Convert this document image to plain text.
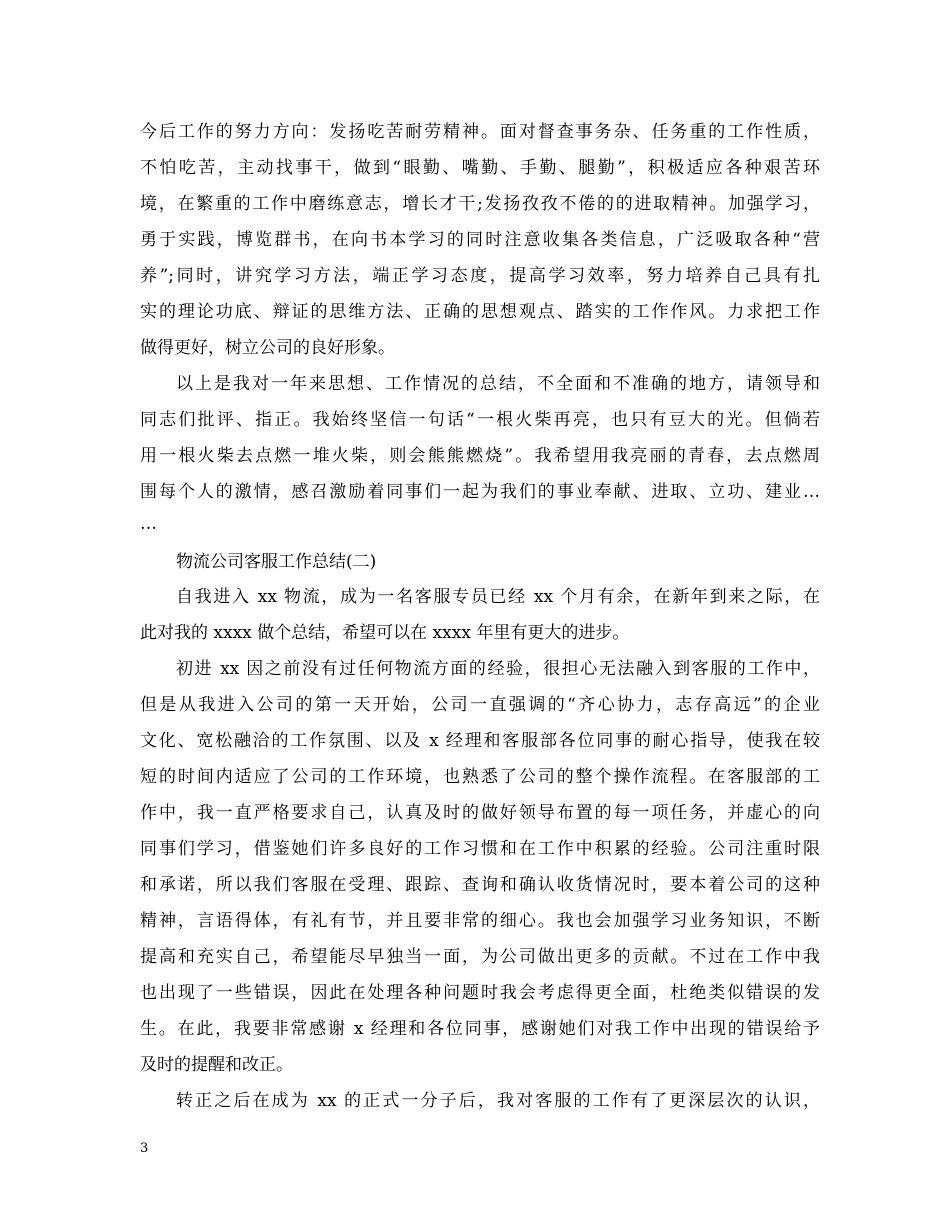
今后工作的努力方向：发扬吃苦耐劳精神。面对督查事务杂、任务重的工作性质，
不怕吃苦，主动找事干，做到“眼勤、嘴勤、手勤、腿勤”，积极适应各种艰苦环
境，在繁重的工作中磨练意志，增长才干;发扬孜孜不倦的的进取精神。加强学习，
勇于实践，博览群书，在向书本学习的同时注意收集各类信息，广泛吸取各种“营
养”;同时，讲究学习方法，端正学习态度，提高学习效率，努力培养自己具有扎
实的理论功底、辩证的思维方法、正确的思想观点、踏实的工作作风。力求把工作
做得更好，树立公司的良好形象。
以上是我对一年来思想、工作情况的总结，不全面和不准确的地方，请领导和
同志们批评、指正。我始终坚信一句话“一根火柴再亮，也只有豆大的光。但倘若
用一根火柴去点燃一堆火柴，则会熊熊燃烧”。我希望用我亮丽的青春，去点燃周
围每个人的激情，感召激励着同事们一起为我们的事业奉献、进取、立功、建业…
…
物流公司客服工作总结(二)
自我进入 xx 物流，成为一名客服专员已经 xx 个月有余，在新年到来之际，在
此对我的 xxxx 做个总结，希望可以在 xxxx 年里有更大的进步。
初进 xx 因之前没有过任何物流方面的经验，很担心无法融入到客服的工作中，
但是从我进入公司的第一天开始，公司一直强调的“齐心协力，志存高远”的企业
文化、宽松融洽的工作氛围、以及 x 经理和客服部各位同事的耐心指导，使我在较
短的时间内适应了公司的工作环境，也熟悉了公司的整个操作流程。在客服部的工
作中，我一直严格要求自己，认真及时的做好领导布置的每一项任务，并虚心的向
同事们学习，借鉴她们许多良好的工作习惯和在工作中积累的经验。公司注重时限
和承诺，所以我们客服在受理、跟踪、查询和确认收货情况时，要本着公司的这种
精神，言语得体，有礼有节，并且要非常的细心。我也会加强学习业务知识，不断
提高和充实自己，希望能尽早独当一面，为公司做出更多的贡献。不过在工作中我
也出现了一些错误，因此在处理各种问题时我会考虑得更全面，杜绝类似错误的发
生。在此，我要非常感谢 x 经理和各位同事，感谢她们对我工作中出现的错误给予
及时的提醒和改正。
转正之后在成为 xx 的正式一分子后，我对客服的工作有了更深层次的认识，
3
